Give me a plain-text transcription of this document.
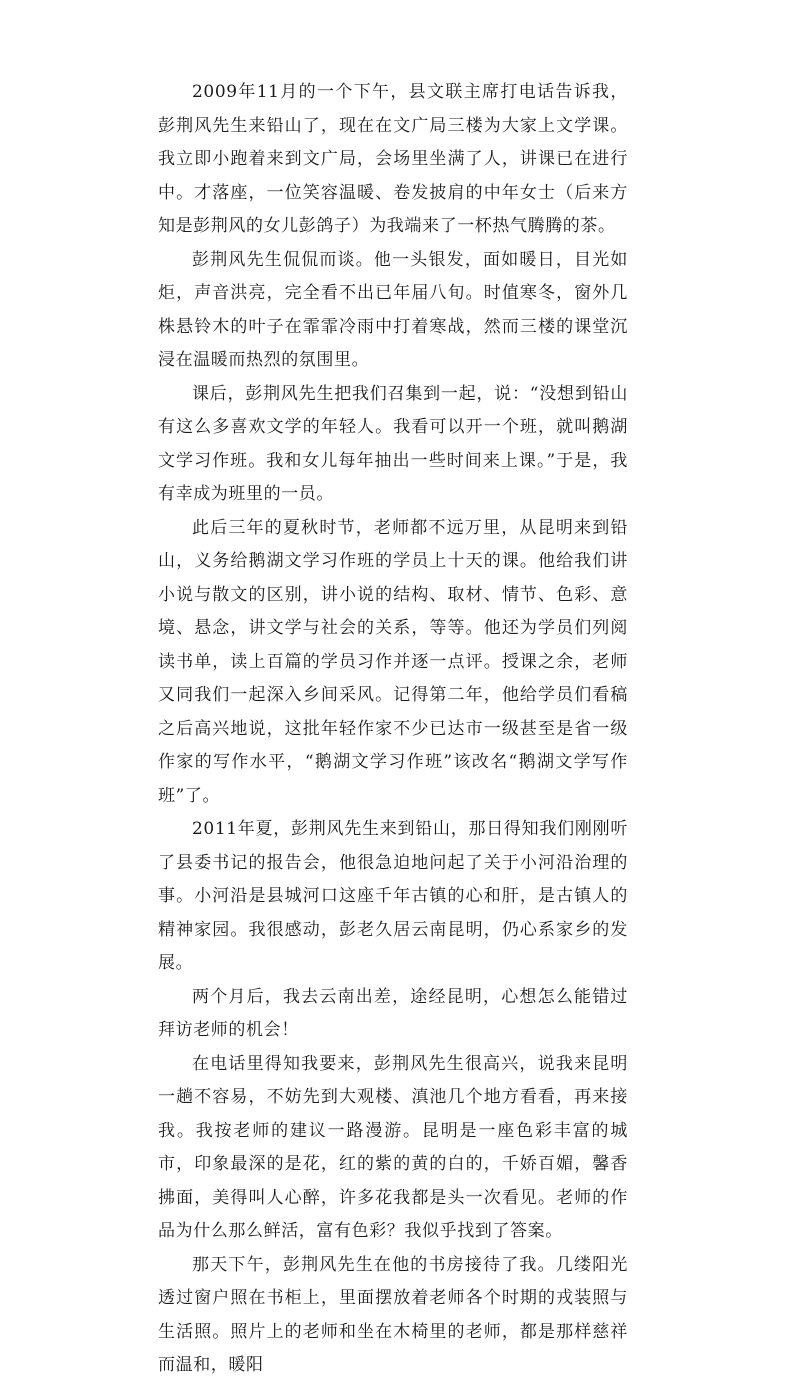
2009年11月的一个下午，县文联主席打电话告诉我，彭荆风先生来铅山了，现在在文广局三楼为大家上文学课。我立即小跑着来到文广局，会场里坐满了人，讲课已在进行中。才落座，一位笑容温暖、卷发披肩的中年女士（后来方知是彭荆风的女儿彭鸽子）为我端来了一杯热气腾腾的茶。

彭荆风先生侃侃而谈。他一头银发，面如暖日，目光如炬，声音洪亮，完全看不出已年届八旬。时值寒冬，窗外几株悬铃木的叶子在霏霏冷雨中打着寒战，然而三楼的课堂沉浸在温暖而热烈的氛围里。

课后，彭荆风先生把我们召集到一起，说：“没想到铅山有这么多喜欢文学的年轻人。我看可以开一个班，就叫鹅湖文学习作班。我和女儿每年抽出一些时间来上课。”于是，我有幸成为班里的一员。

此后三年的夏秋时节，老师都不远万里，从昆明来到铅山，义务给鹅湖文学习作班的学员上十天的课。他给我们讲小说与散文的区别，讲小说的结构、取材、情节、色彩、意境、悬念，讲文学与社会的关系，等等。他还为学员们列阅读书单，读上百篇的学员习作并逐一点评。授课之余，老师又同我们一起深入乡间采风。记得第二年，他给学员们看稿之后高兴地说，这批年轻作家不少已达市一级甚至是省一级作家的写作水平，“鹅湖文学习作班”该改名“鹅湖文学写作班”了。

2011年夏，彭荆风先生来到铅山，那日得知我们刚刚听了县委书记的报告会，他很急迫地问起了关于小河沿治理的事。小河沿是县城河口这座千年古镇的心和肝，是古镇人的精神家园。我很感动，彭老久居云南昆明，仍心系家乡的发展。

两个月后，我去云南出差，途经昆明，心想怎么能错过拜访老师的机会！

在电话里得知我要来，彭荆风先生很高兴，说我来昆明一趟不容易，不妨先到大观楼、滇池几个地方看看，再来接我。我按老师的建议一路漫游。昆明是一座色彩丰富的城市，印象最深的是花，红的紫的黄的白的，千娇百媚，馨香拂面，美得叫人心醉，许多花我都是头一次看见。老师的作品为什么那么鲜活，富有色彩？我似乎找到了答案。

那天下午，彭荆风先生在他的书房接待了我。几缕阳光透过窗户照在书柜上，里面摆放着老师各个时期的戎装照与生活照。照片上的老师和坐在木椅里的老师，都是那样慈祥而温和，暖阳
